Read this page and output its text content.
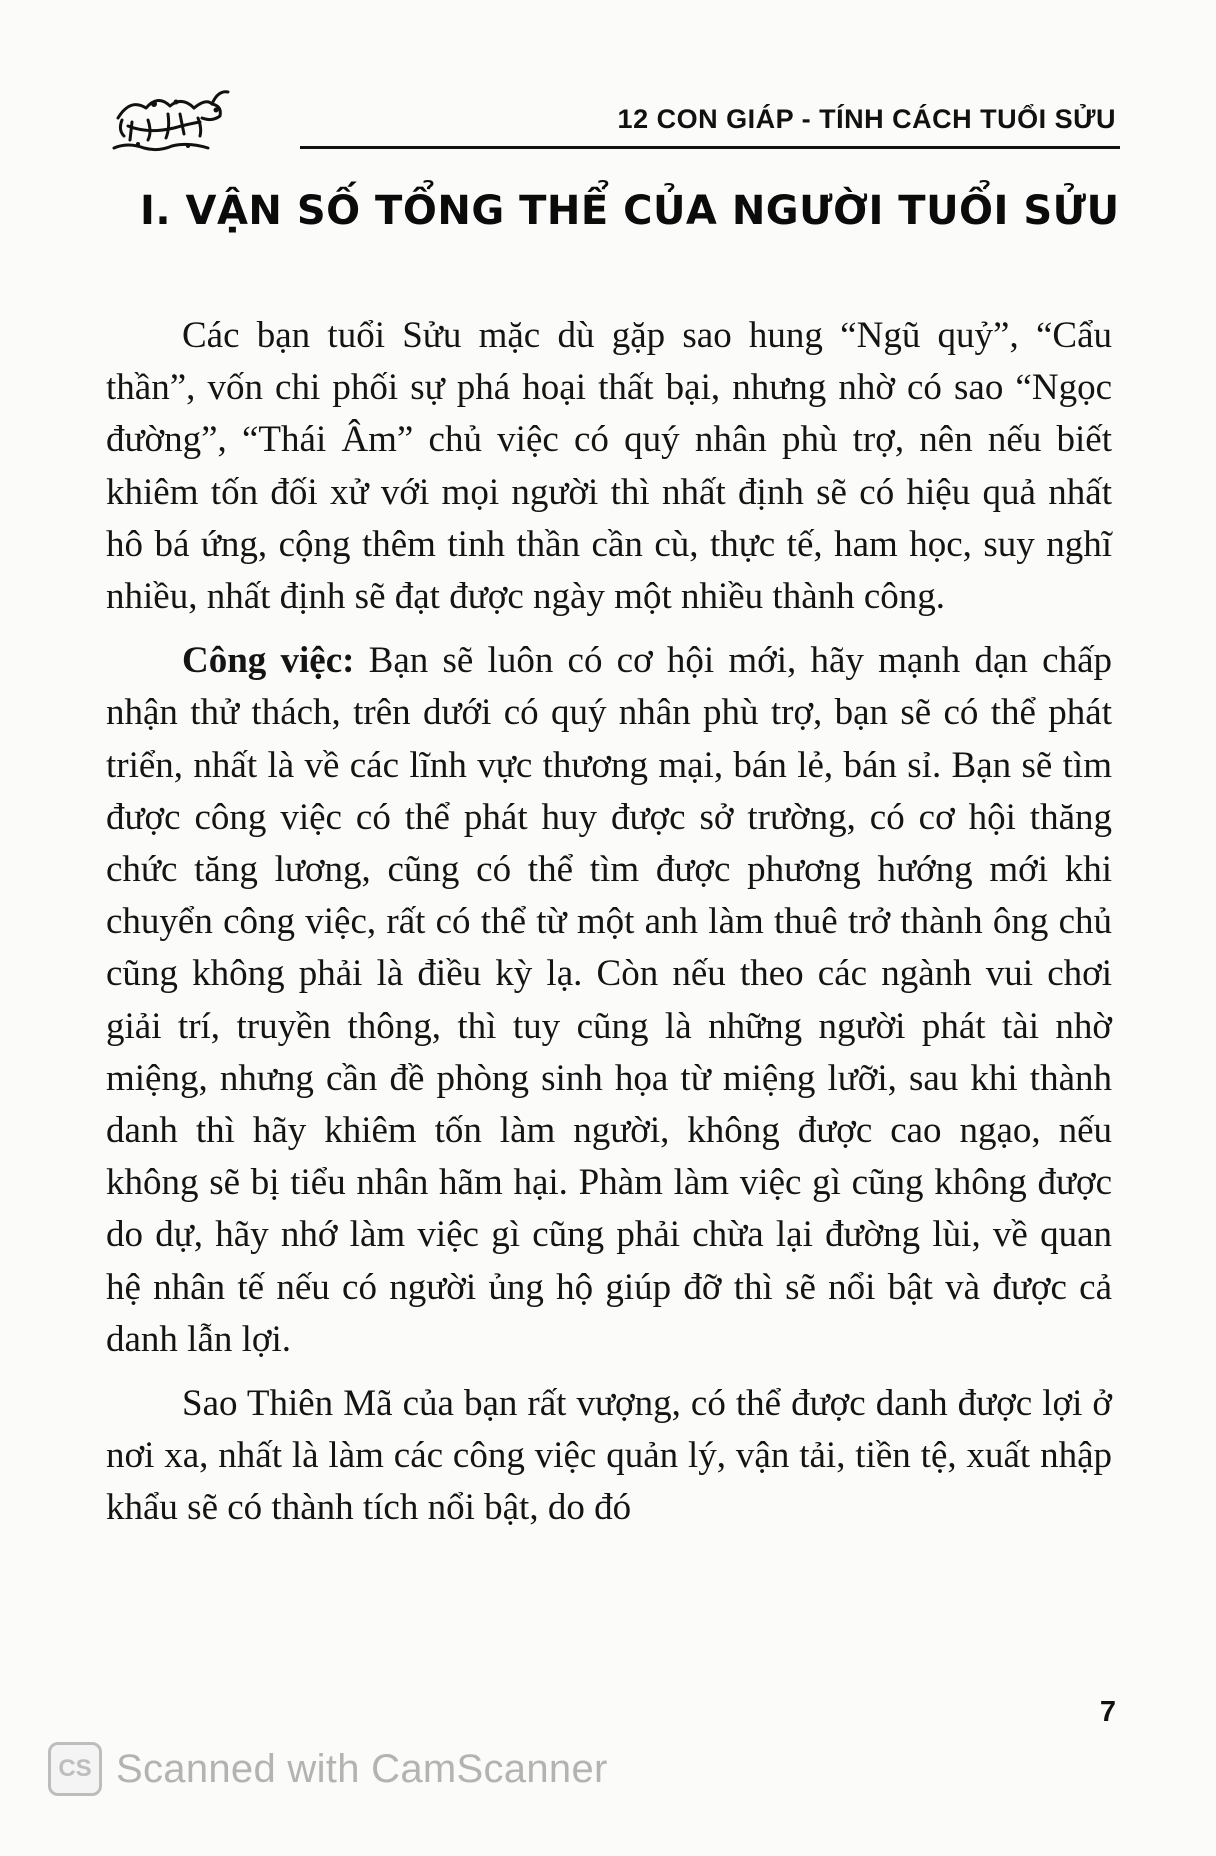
12 CON GIÁP - TÍNH CÁCH TUỔI SỬU
I. VẬN SỐ TỔNG THỂ CỦA NGƯỜI TUỔI SỬU

Các bạn tuổi Sửu mặc dù gặp sao hung “Ngũ quỷ”, “Cẩu thần”, vốn chi phối sự phá hoại thất bại, nhưng nhờ có sao “Ngọc đường”, “Thái Âm” chủ việc có quý nhân phù trợ, nên nếu biết khiêm tốn đối xử với mọi người thì nhất định sẽ có hiệu quả nhất hô bá ứng, cộng thêm tinh thần cần cù, thực tế, ham học, suy nghĩ nhiều, nhất định sẽ đạt được ngày một nhiều thành công.

Công việc: Bạn sẽ luôn có cơ hội mới, hãy mạnh dạn chấp nhận thử thách, trên dưới có quý nhân phù trợ, bạn sẽ có thể phát triển, nhất là về các lĩnh vực thương mại, bán lẻ, bán sỉ. Bạn sẽ tìm được công việc có thể phát huy được sở trường, có cơ hội thăng chức tăng lương, cũng có thể tìm được phương hướng mới khi chuyển công việc, rất có thể từ một anh làm thuê trở thành ông chủ cũng không phải là điều kỳ lạ. Còn nếu theo các ngành vui chơi giải trí, truyền thông, thì tuy cũng là những người phát tài nhờ miệng, nhưng cần đề phòng sinh họa từ miệng lưỡi, sau khi thành danh thì hãy khiêm tốn làm người, không được cao ngạo, nếu không sẽ bị tiểu nhân hãm hại. Phàm làm việc gì cũng không được do dự, hãy nhớ làm việc gì cũng phải chừa lại đường lùi, về quan hệ nhân tế nếu có người ủng hộ giúp đỡ thì sẽ nổi bật và được cả danh lẫn lợi.

Sao Thiên Mã của bạn rất vượng, có thể được danh được lợi ở nơi xa, nhất là làm các công việc quản lý, vận tải, tiền tệ, xuất nhập khẩu sẽ có thành tích nổi bật, do đó

7
CS Scanned with CamScanner
